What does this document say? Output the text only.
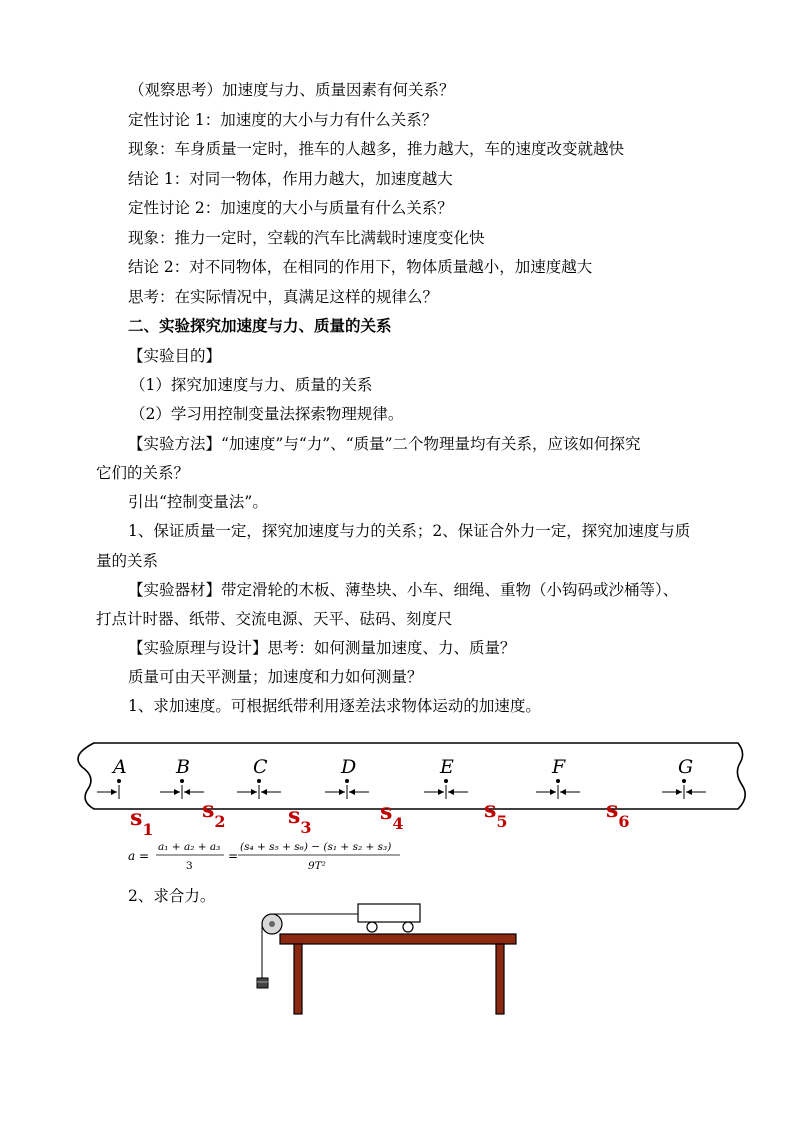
（观察思考）加速度与力、质量因素有何关系？
定性讨论 1：加速度的大小与力有什么关系？
现象：车身质量一定时，推车的人越多，推力越大，车的速度改变就越快
结论 1：对同一物体，作用力越大，加速度越大
定性讨论 2：加速度的大小与质量有什么关系？
现象：推力一定时，空载的汽车比满载时速度变化快
结论 2：对不同物体，在相同的作用下，物体质量越小，加速度越大
思考：在实际情况中，真满足这样的规律么？
二、实验探究加速度与力、质量的关系
【实验目的】
（1）探究加速度与力、质量的关系
（2）学习用控制变量法探索物理规律。
【实验方法】“加速度”与“力”、“质量”二个物理量均有关系，应该如何探究
它们的关系？
引出“控制变量法”。
1、保证质量一定，探究加速度与力的关系；2、保证合外力一定，探究加速度与质
量的关系
【实验器材】带定滑轮的木板、薄垫块、小车、细绳、重物（小钩码或沙桶等）、
打点计时器、纸带、交流电源、天平、砝码、刻度尺
【实验原理与设计】思考：如何测量加速度、力、质量？
质量可由天平测量；加速度和力如何测量？
1、求加速度。可根据纸带利用逐差法求物体运动的加速度。
A	B	C	D	E	F	G
$s_1$
$s_2$	$s_3$
$s_4$
$s_5$	$s_6$
a =
a₁ + a₂ + a₃
3
=
(s₄ + s₅ + s₆) − (s₁ + s₂ + s₃)
9T²
2、求合力。
